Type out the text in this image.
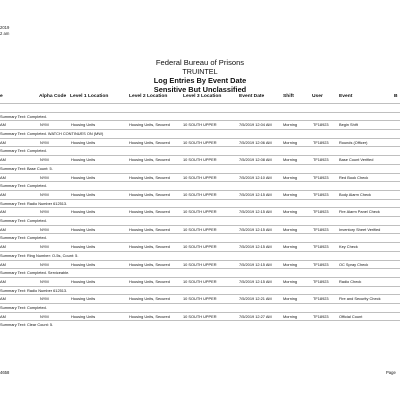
2019
2 am
Federal Bureau of Prisons
TRUINTEL
Log Entries By Event Date
Sensitive But Unclassified
e	Alpha Code Level 1 Location	Level 2 Location	Level 3 Location	Event Date	Shift	User	Event	B
Summary Text: Completed.
AM	NYM	Housing Units	Housing Units, Secured	10 SOUTH UPPER	7/5/2019 12:04 AM	Morning	TF18923	Begin Shift
Summary Text: Completed. WATCH CONTINUES ON (MW)
AM	NYM	Housing Units	Housing Units, Secured	10 SOUTH UPPER	7/5/2019 12:06 AM	Morning	TF18923	Rounds (Officer)
Summary Text: Completed.
AM	NYM	Housing Units	Housing Units, Secured	10 SOUTH UPPER	7/5/2019 12:08 AM	Morning	TF18923	Base Count Verified
Summary Text: Base Count: 5.
AM	NYM	Housing Units	Housing Units, Secured	10 SOUTH UPPER	7/5/2019 12:10 AM	Morning	TF18923	Red Book Check
Summary Text: Completed.
AM	NYM	Housing Units	Housing Units, Secured	10 SOUTH UPPER	7/5/2019 12:15 AM	Morning	TF18923	Body Alarm Check
Summary Text: Radio Number 612513.
AM	NYM	Housing Units	Housing Units, Secured	10 SOUTH UPPER	7/5/2019 12:15 AM	Morning	TF18923	Fire Alarm Panel Check
Summary Text: Completed.
AM	NYM	Housing Units	Housing Units, Secured	10 SOUTH UPPER	7/5/2019 12:15 AM	Morning	TF18923	Inventory Sheet Verified
Summary Text: Completed.
AM	NYM	Housing Units	Housing Units, Secured	10 SOUTH UPPER	7/5/2019 12:15 AM	Morning	TF18923	Key Check
Summary Text: Ring Number: O-5s, Count: 5.
AM	NYM	Housing Units	Housing Units, Secured	10 SOUTH UPPER	7/5/2019 12:15 AM	Morning	TF18923	OC Spray Check
Summary Text: Completed. Serviceable.
AM	NYM	Housing Units	Housing Units, Secured	10 SOUTH UPPER	7/5/2019 12:15 AM	Morning	TF18923	Radio Check
Summary Text: Radio Number 612513.
AM	NYM	Housing Units	Housing Units, Secured	10 SOUTH UPPER	7/5/2019 12:21 AM	Morning	TF18923	Fire and Security Check
Summary Text: Completed.
AM	NYM	Housing Units	Housing Units, Secured	10 SOUTH UPPER	7/5/2019 12:27 AM	Morning	TF18923	Official Count
Summary Text: Clear Count: 5.
4658	Page
